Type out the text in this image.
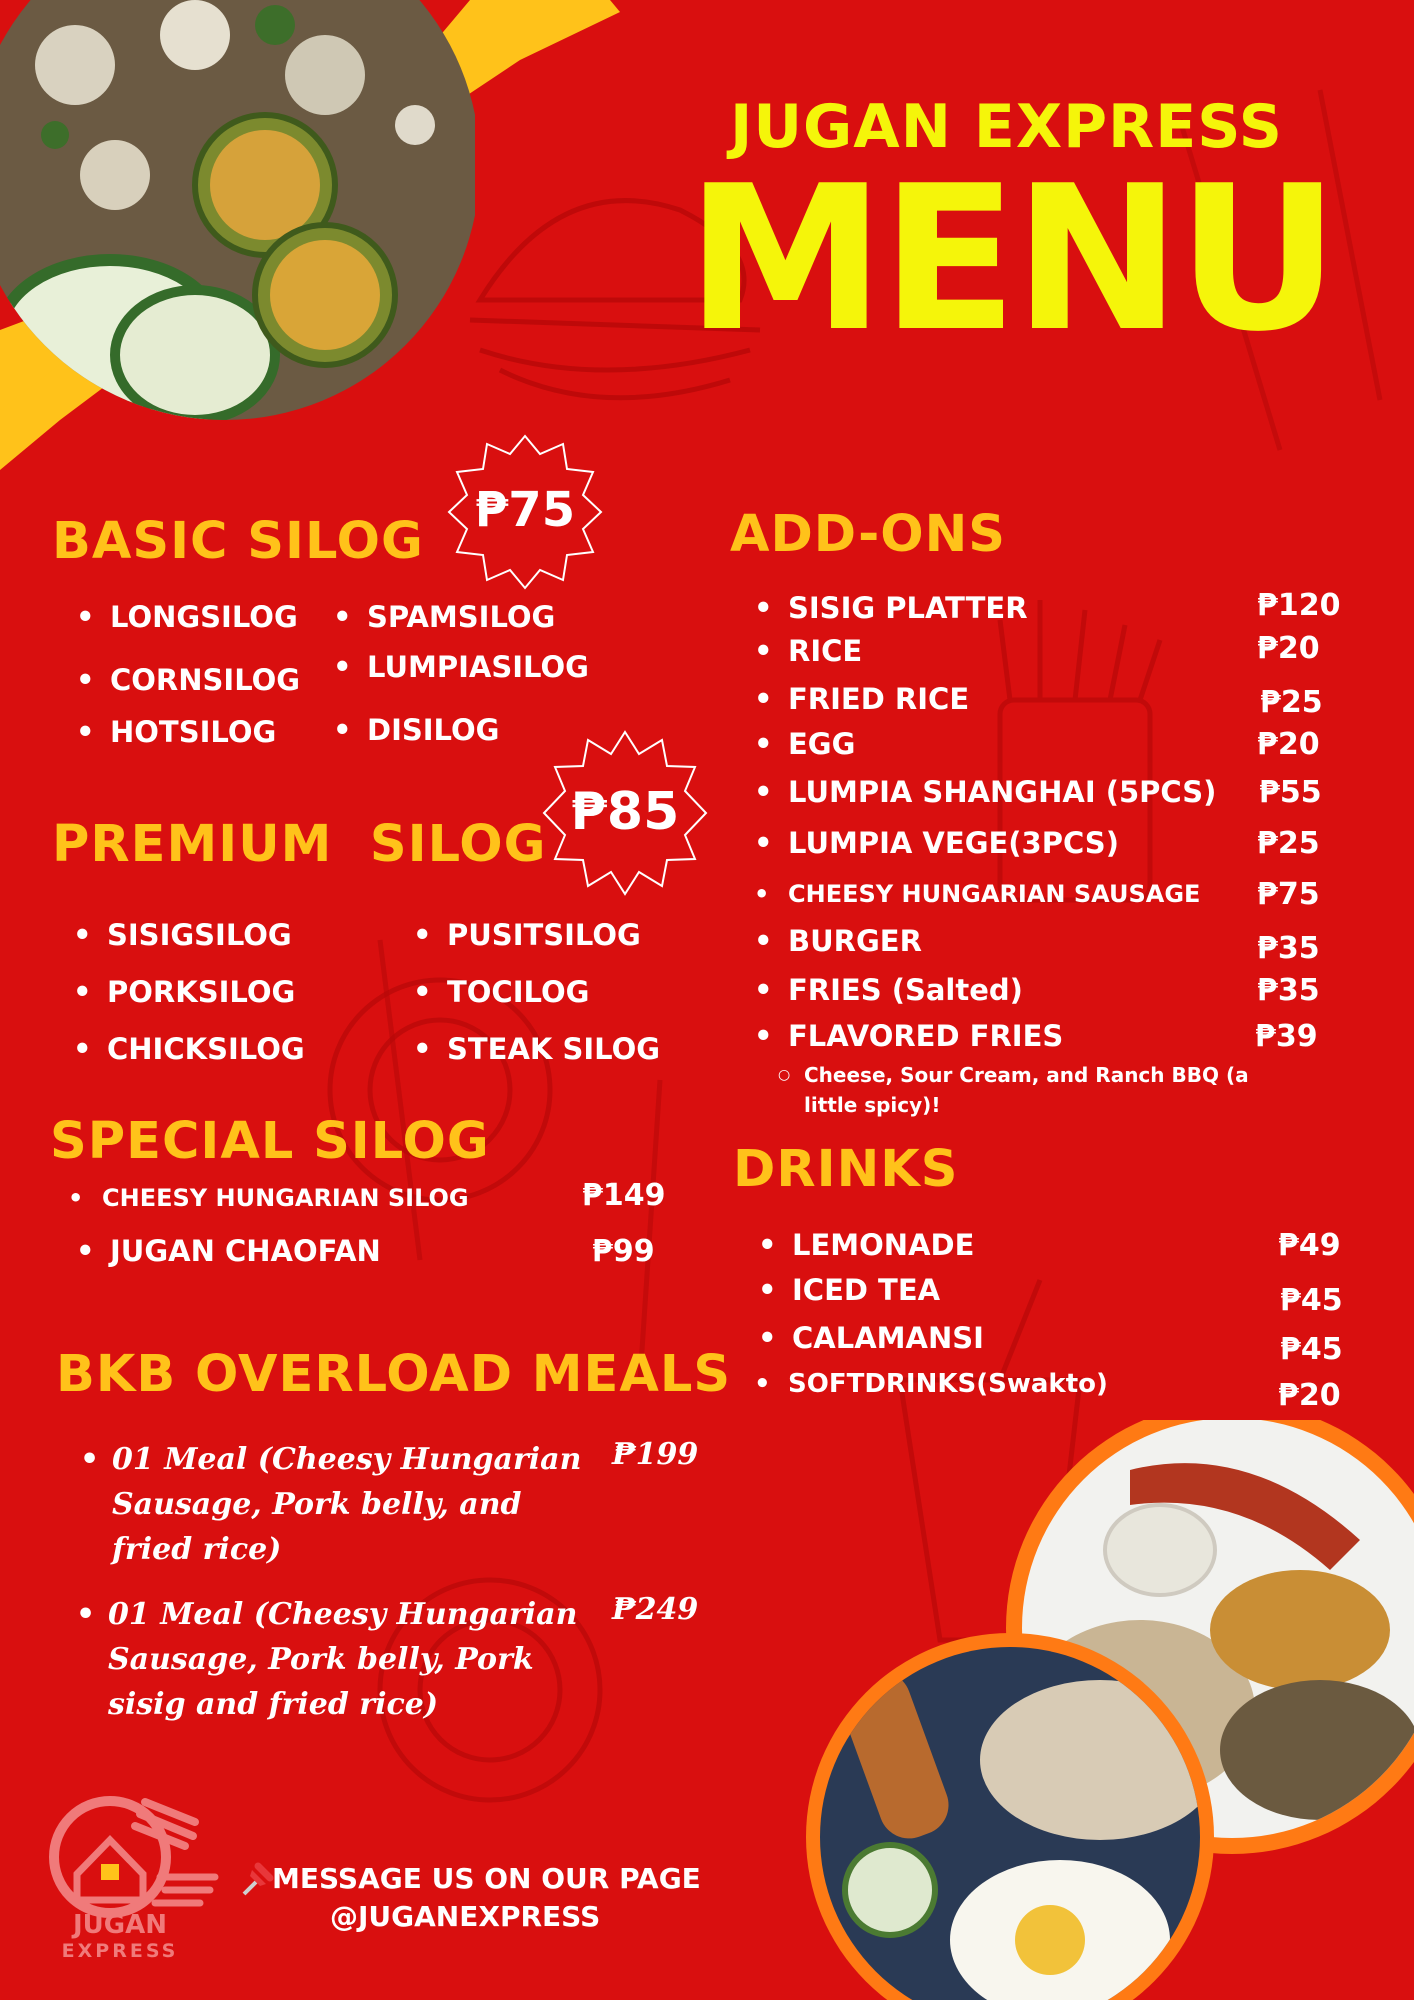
JUGAN EXPRESS
MENU
BASIC SILOG
₱75
• LONGSILOG
• CORNSILOG
• HOTSILOG
• SPAMSILOG
• LUMPIASILOG
• DISILOG
PREMIUM  SILOG
₱85
• SISIGSILOG
• PORKSILOG
• CHICKSILOG
• PUSITSILOG
• TOCILOG
• STEAK SILOG
SPECIAL SILOG
• CHEESY HUNGARIAN SILOG	₱149
• JUGAN CHAOFAN	₱99
BKB OVERLOAD MEALS
• 01 Meal (Cheesy Hungarian Sausage, Pork belly, and fried rice)
₱199
• 01 Meal (Cheesy Hungarian Sausage, Pork belly, Pork sisig and fried rice)
₱249
ADD-ONS
• SISIG PLATTER	₱120
• RICE	₱20
• FRIED RICE	₱25
• EGG	₱20
• LUMPIA SHANGHAI (5PCS) ₱55
• LUMPIA VEGE(3PCS)	₱25
• CHEESY HUNGARIAN SAUSAGE ₱75
• BURGER	₱35
• FRIES (Salted)	₱35
• FLAVORED FRIES	₱39
○ Cheese, Sour Cream, and Ranch BBQ (a little spicy)!
DRINKS
• LEMONADE	₱49
• ICED TEA	₱45
• CALAMANSI	₱45
• SOFTDRINKS(Swakto)	₱20
JUGAN
EXPRESS
MESSAGE US ON OUR PAGE
@JUGANEXPRESS
